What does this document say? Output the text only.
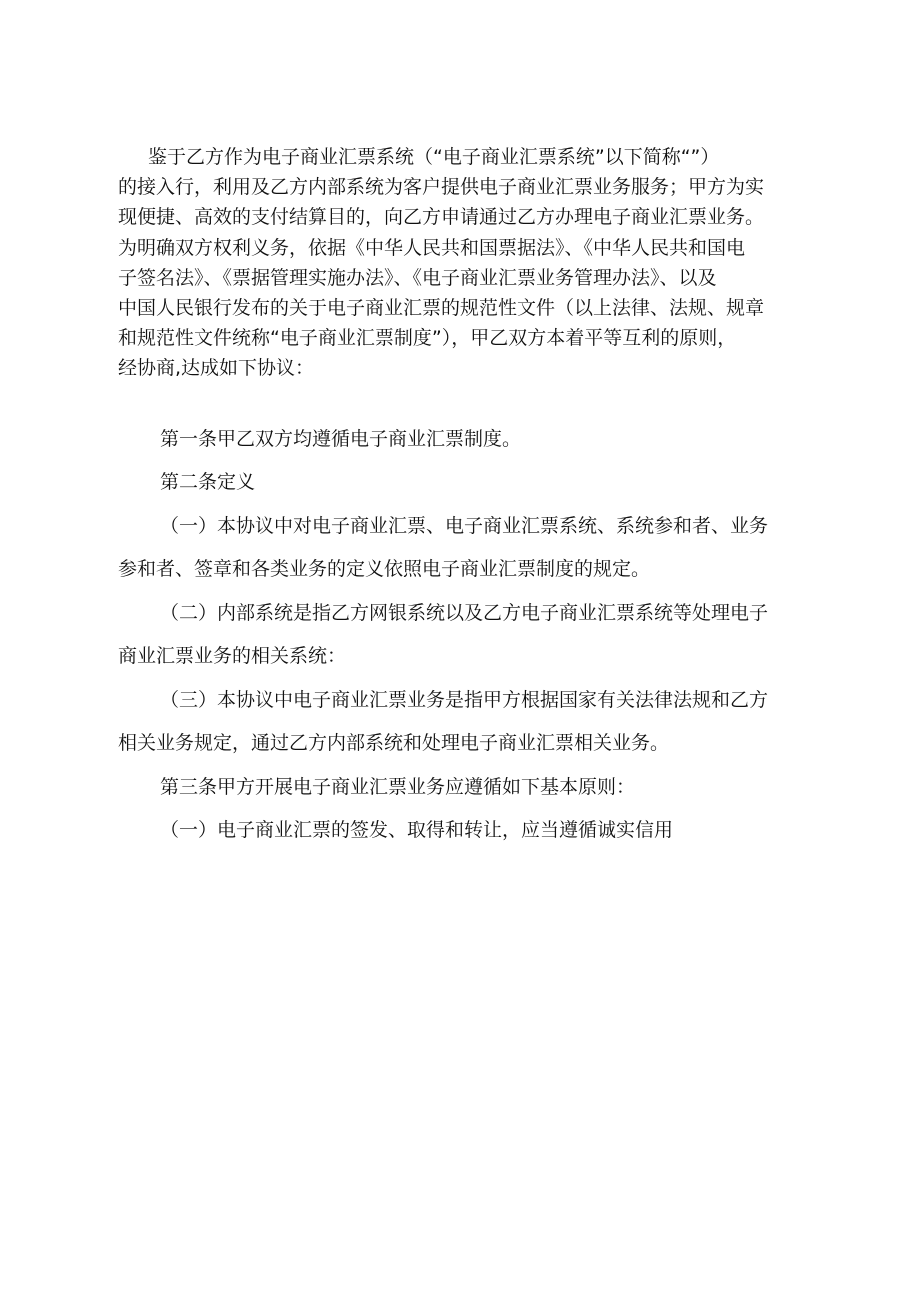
鉴于乙方作为电子商业汇票系统（“电子商业汇票系统”以下简称“”）
的接入行，利用及乙方内部系统为客户提供电子商业汇票业务服务；甲方为实
现便捷、高效的支付结算目的，向乙方申请通过乙方办理电子商业汇票业务。
为明确双方权利义务，依据《中华人民共和国票据法》、《中华人民共和国电
子签名法》、《票据管理实施办法》、《电子商业汇票业务管理办法》、以及
中国人民银行发布的关于电子商业汇票的规范性文件（以上法律、法规、规章
和规范性文件统称“电子商业汇票制度”），甲乙双方本着平等互利的原则，
经协商,达成如下协议：

第一条甲乙双方均遵循电子商业汇票制度。

第二条定义

（一）本协议中对电子商业汇票、电子商业汇票系统、系统参和者、业务

参和者、签章和各类业务的定义依照电子商业汇票制度的规定。

（二）内部系统是指乙方网银系统以及乙方电子商业汇票系统等处理电子

商业汇票业务的相关系统：

（三）本协议中电子商业汇票业务是指甲方根据国家有关法律法规和乙方

相关业务规定，通过乙方内部系统和处理电子商业汇票相关业务。

第三条甲方开展电子商业汇票业务应遵循如下基本原则：

（一）电子商业汇票的签发、取得和转让，应当遵循诚实信用
